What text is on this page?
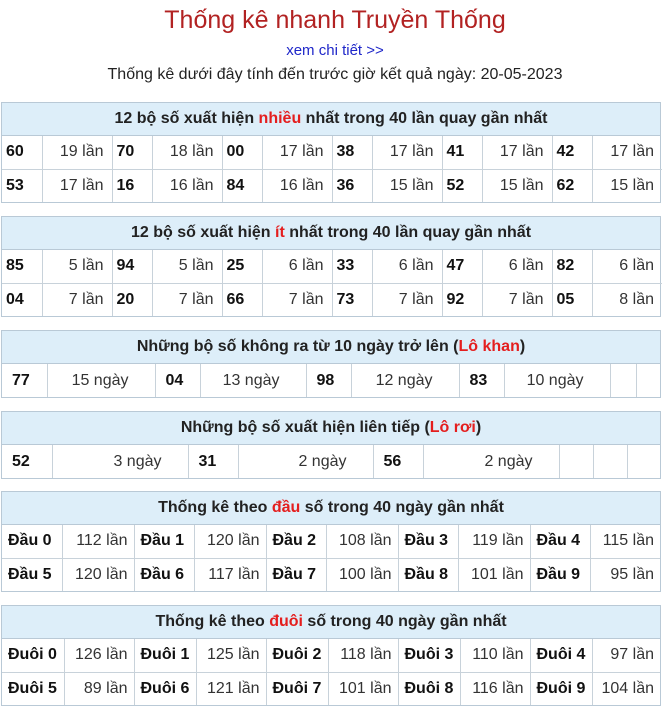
Thống kê nhanh Truyền Thống
xem chi tiết >>
Thống kê dưới đây tính đến trước giờ kết quả ngày: 20-05-2023
12 bộ số xuất hiện nhiều nhất trong 40 lần quay gần nhất
60	19 lần	70	18 lần	00	17 lần	38	17 lần	41	17 lần	42	17 lần
53	17 lần	16	16 lần	84	16 lần	36	15 lần	52	15 lần	62	15 lần
12 bộ số xuất hiện ít nhất trong 40 lần quay gần nhất
85	5 lần	94	5 lần	25	6 lần	33	6 lần	47	6 lần	82	6 lần
04	7 lần	20	7 lần	66	7 lần	73	7 lần	92	7 lần	05	8 lần
Những bộ số không ra từ 10 ngày trở lên (Lô khan)
77	15 ngày	04	13 ngày	98	12 ngày	83	10 ngày		
Những bộ số xuất hiện liên tiếp (Lô rơi)
52	3 ngày	31	2 ngày	56	2 ngày			
Thống kê theo đầu số trong 40 ngày gần nhất
Đầu 0	112 lần	Đầu 1	120 lần	Đầu 2	108 lần	Đầu 3	119 lần	Đầu 4	115 lần
Đầu 5	120 lần	Đầu 6	117 lần	Đầu 7	100 lần	Đầu 8	101 lần	Đầu 9	95 lần
Thống kê theo đuôi số trong 40 ngày gần nhất
Đuôi 0	126 lần	Đuôi 1	125 lần	Đuôi 2	118 lần	Đuôi 3	110 lần	Đuôi 4	97 lần
Đuôi 5	89 lần	Đuôi 6	121 lần	Đuôi 7	101 lần	Đuôi 8	116 lần	Đuôi 9	104 lần
